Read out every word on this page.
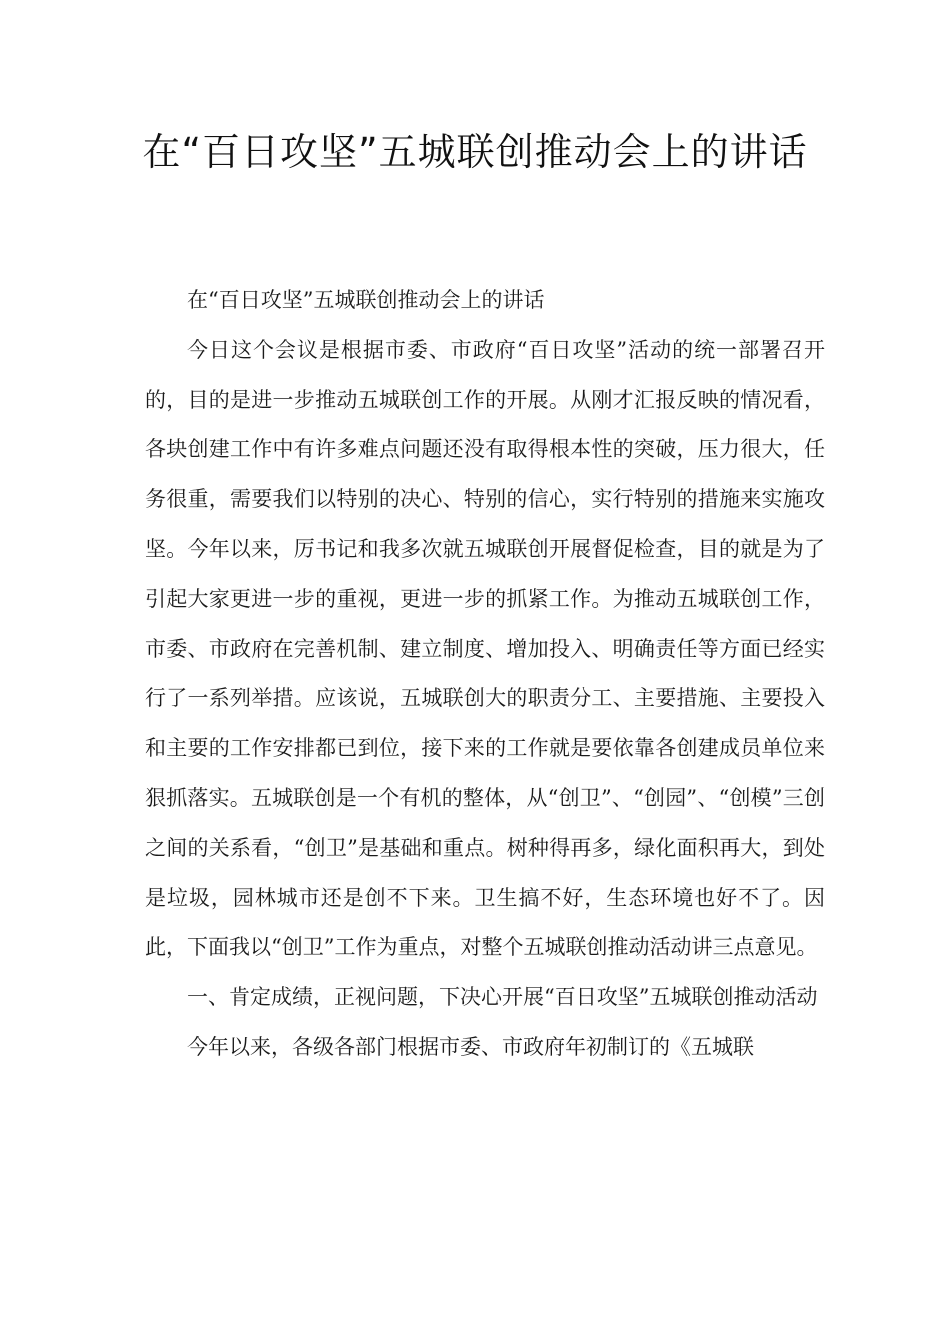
在“百日攻坚”五城联创推动会上的讲话

在“百日攻坚”五城联创推动会上的讲话

今日这个会议是根据市委、市政府“百日攻坚”活动的统一部署召开的，目的是进一步推动五城联创工作的开展。从刚才汇报反映的情况看，各块创建工作中有许多难点问题还没有取得根本性的突破，压力很大，任务很重，需要我们以特别的决心、特别的信心，实行特别的措施来实施攻坚。今年以来，厉书记和我多次就五城联创开展督促检查，目的就是为了引起大家更进一步的重视，更进一步的抓紧工作。为推动五城联创工作，市委、市政府在完善机制、建立制度、增加投入、明确责任等方面已经实行了一系列举措。应该说，五城联创大的职责分工、主要措施、主要投入和主要的工作安排都已到位，接下来的工作就是要依靠各创建成员单位来狠抓落实。五城联创是一个有机的整体，从“创卫”、“创园”、“创模”三创之间的关系看，“创卫”是基础和重点。树种得再多，绿化面积再大，到处是垃圾，园林城市还是创不下来。卫生搞不好，生态环境也好不了。因此，下面我以“创卫”工作为重点，对整个五城联创推动活动讲三点意见。

一、肯定成绩，正视问题，下决心开展“百日攻坚”五城联创推动活动

今年以来，各级各部门根据市委、市政府年初制订的《五城联
